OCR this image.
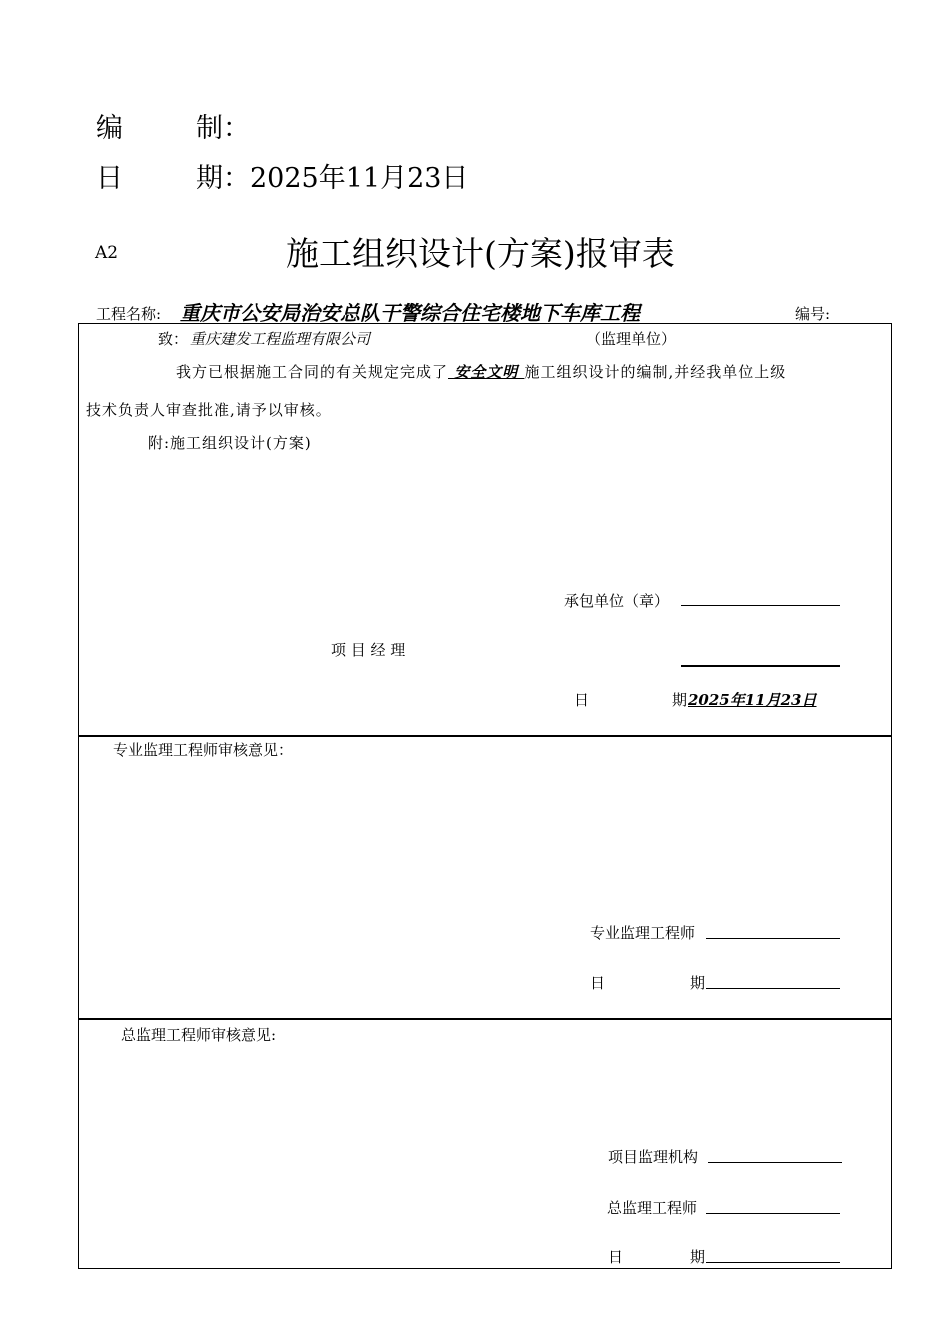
编	制：
日	期：2025年11月23日
A2	施工组织设计(方案)报审表
工程名称: 重庆市公安局治安总队干警综合住宅楼地下车库工程	编号:
致： 重庆建发工程监理有限公司	（监理单位）
我方已根据施工合同的有关规定完成了 安全文明 施工组织设计的编制,并经我单位上级
技术负责人审查批准,请予以审核。
附:施工组织设计(方案)
承包单位（章）
项 目 经 理
日	期 2025年11月23日
专业监理工程师审核意见：
专业监理工程师
日	期
总监理工程师审核意见:
项目监理机构
总监理工程师
日	期
